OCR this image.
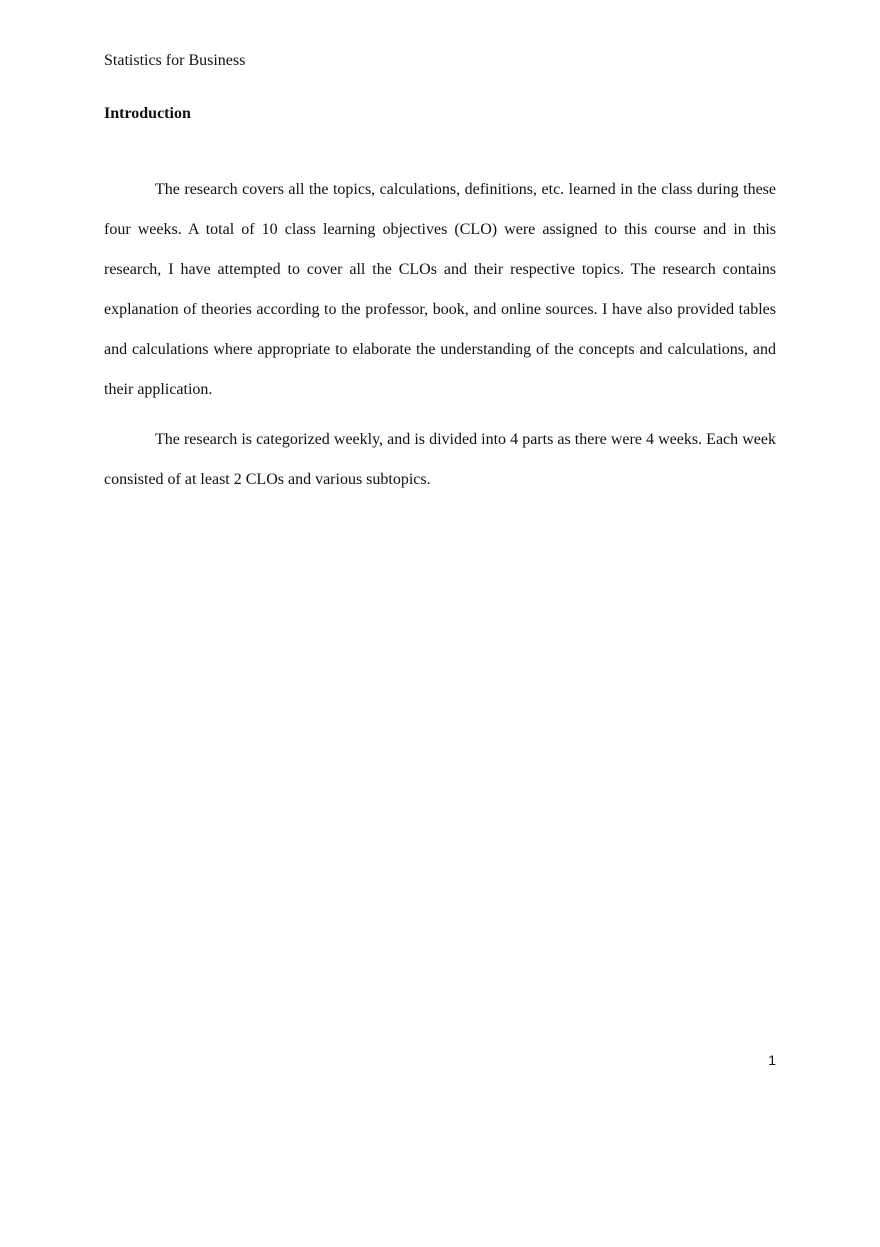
Statistics for Business
Introduction

The research covers all the topics, calculations, definitions, etc. learned in the class during these four weeks. A total of 10 class learning objectives (CLO) were assigned to this course and in this research, I have attempted to cover all the CLOs and their respective topics. The research contains explanation of theories according to the professor, book, and online sources. I have also provided tables and calculations where appropriate to elaborate the understanding of the concepts and calculations, and their application.

The research is categorized weekly, and is divided into 4 parts as there were 4 weeks. Each week consisted of at least 2 CLOs and various subtopics.

1
